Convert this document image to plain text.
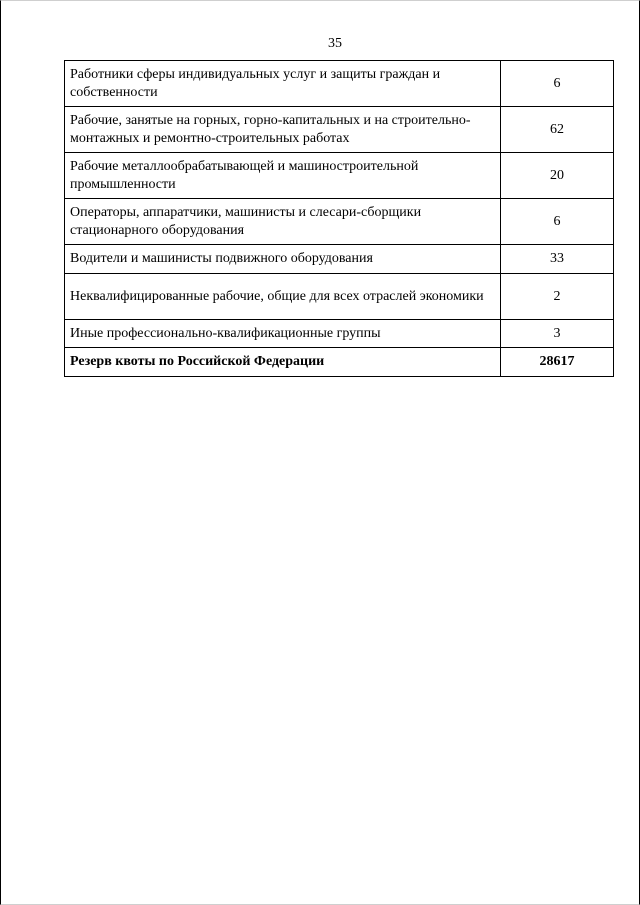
35
Работники сферы индивидуальных услуг и защиты граждан и собственности	6
Рабочие, занятые на горных, горно-капитальных и на строительно-монтажных и ремонтно-строительных работах	62
Рабочие металлообрабатывающей и машиностроительной промышленности	20
Операторы, аппаратчики, машинисты и слесари-сборщики стационарного оборудования	6
Водители и машинисты подвижного оборудования	33
Неквалифицированные рабочие, общие для всех отраслей экономики	2
Иные профессионально-квалификационные группы	3
Резерв квоты по Российской Федерации	28617
